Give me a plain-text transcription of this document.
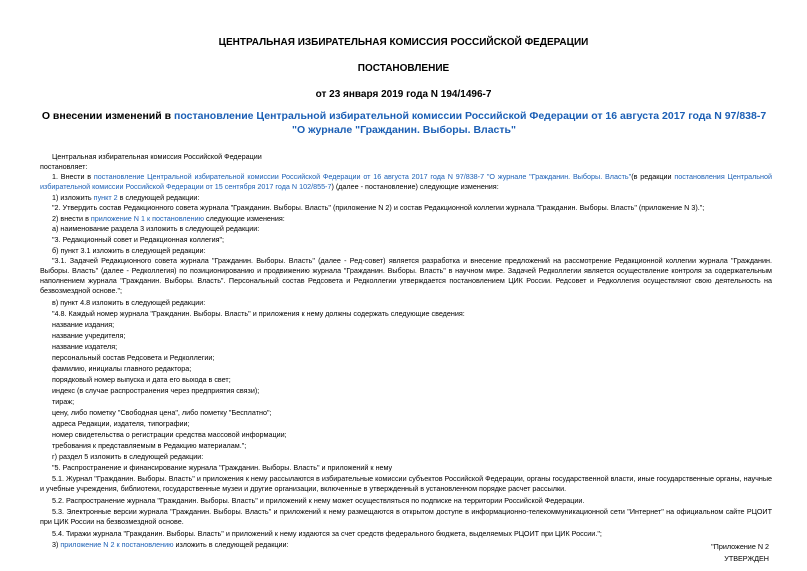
ЦЕНТРАЛЬНАЯ ИЗБИРАТЕЛЬНАЯ КОМИССИЯ РОССИЙСКОЙ ФЕДЕРАЦИИ
ПОСТАНОВЛЕНИЕ
от 23 января 2019 года N 194/1496-7
О внесении изменений в постановление Центральной избирательной комиссии Российской Федерации от 16 августа 2017 года N 97/838-7 "О журнале "Гражданин. Выборы. Власть"
Центральная избирательная комиссия Российской Федерации
постановляет:
1. Внести в постановление Центральной избирательной комиссии Российской Федерации от 16 августа 2017 года N 97/838-7 "О журнале "Гражданин. Выборы. Власть"(в редакции постановления Центральной избирательной комиссии Российской Федерации от 15 сентября 2017 года N 102/855-7) (далее - постановление) следующие изменения:
1) изложить пункт 2 в следующей редакции:
"2. Утвердить состав Редакционного совета журнала "Гражданин. Выборы. Власть" (приложение N 2) и состав Редакционной коллегии журнала "Гражданин. Выборы. Власть" (приложение N 3).";
2) внести в приложение N 1 к постановлению следующие изменения:
а) наименование раздела 3 изложить в следующей редакции:
"3. Редакционный совет и Редакционная коллегия";
б) пункт 3.1 изложить в следующей редакции:
"3.1. Задачей Редакционного совета журнала "Гражданин. Выборы. Власть" (далее - Ред-совет) является разработка и внесение предложений на рассмотрение Редакционной коллегии журнала "Гражданин. Выборы. Власть" (далее - Редколлегия) по позиционированию и продвижению журнала "Гражданин. Выборы. Власть" в научном мире. Задачей Редколлегии является осуществление контроля за содержательным наполнением журнала "Гражданин. Выборы. Власть". Персональный состав Редсовета и Редколлегии утверждается постановлением ЦИК России. Редсовет и Редколлегия осуществляют свою деятельность на безвозмездной основе.";
в) пункт 4.8 изложить в следующей редакции:
"4.8. Каждый номер журнала "Гражданин. Выборы. Власть" и приложения к нему должны содержать следующие сведения:
название издания;
название учредителя;
название издателя;
персональный состав Редсовета и Редколлегии;
фамилию, инициалы главного редактора;
порядковый номер выпуска и дата его выхода в свет;
индекс (в случае распространения через предприятия связи);
тираж;
цену, либо пометку "Свободная цена", либо пометку "Бесплатно";
адреса Редакции, издателя, типографии;
номер свидетельства о регистрации средства массовой информации;
требования к представляемым в Редакцию материалам.";
г) раздел 5 изложить в следующей редакции:
"5. Распространение и финансирование журнала "Гражданин. Выборы. Власть" и приложений к нему
5.1. Журнал "Гражданин. Выборы. Власть" и приложения к нему рассылаются в избирательные комиссии субъектов Российской Федерации, органы государственной власти, иные государственные органы, научные и учебные учреждения, библиотеки, государственные музеи и другие организации, включенные в утвержденный в установленном порядке расчет рассылки.
5.2. Распространение журнала "Гражданин. Выборы. Власть" и приложений к нему может осуществляться по подписке на территории Российской Федерации.
5.3. Электронные версии журнала "Гражданин. Выборы. Власть" и приложений к нему размещаются в открытом доступе в информационно-телекоммуникационной сети "Интернет" на официальном сайте РЦОИТ при ЦИК России на безвозмездной основе.
5.4. Тиражи журнала "Гражданин. Выборы. Власть" и приложений к нему издаются за счет средств федерального бюджета, выделяемых РЦОИТ при ЦИК России.";
3) приложение N 2 к постановлению изложить в следующей редакции:	"Приложение N 2
УТВЕРЖДЕН
